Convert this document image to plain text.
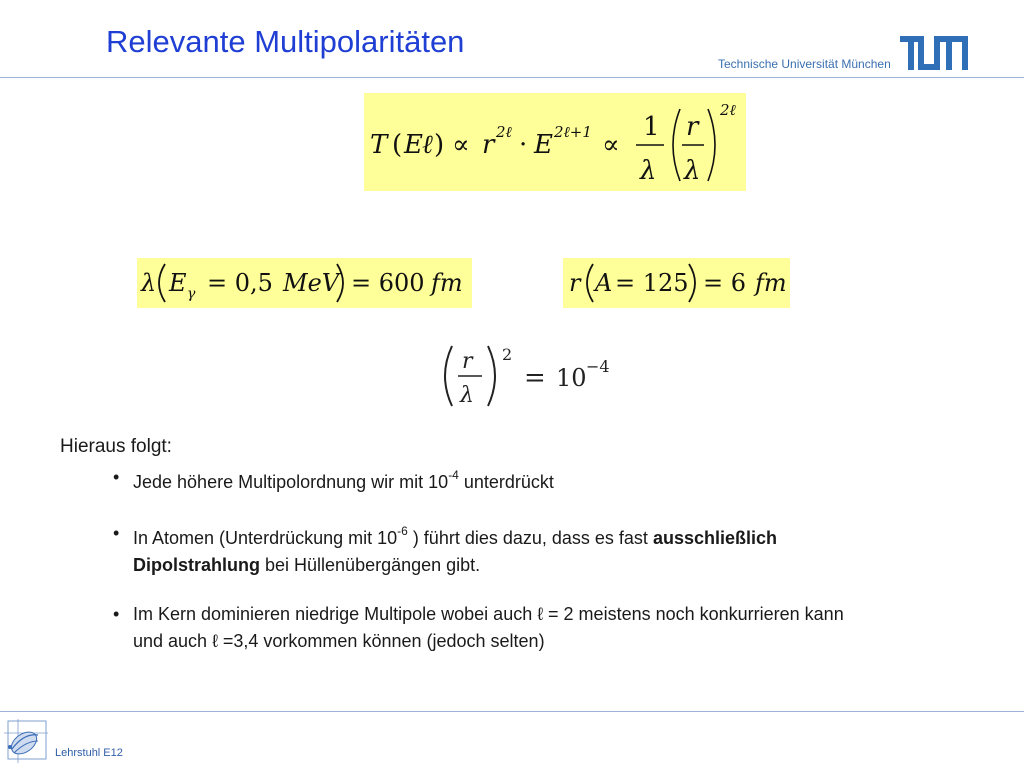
Relevante Multipolaritäten
Technische Universität München
T ( E ℓ ) ∝ r 2ℓ · E 2ℓ+1 ∝
1
λ
r
λ
2ℓ
λ E γ = 0,5 MeV = 600 fm	r A = 125 = 6 fm
r
λ
2
= 10 −4
Hieraus folgt:
• Jede höhere Multipolordnung wir mit $10^{-4}$ unterdrückt
• In Atomen (Unterdrückung mit $10^{-6}$ ) führt dies dazu, dass es fast ausschließlich Dipolstrahlung bei Hüllenübergängen gibt.
• Im Kern dominieren niedrige Multipole wobei auch ℓ = 2 meistens noch konkurrieren kann und auch ℓ =3,4 vorkommen können (jedoch selten)
Lehrstuhl E12
